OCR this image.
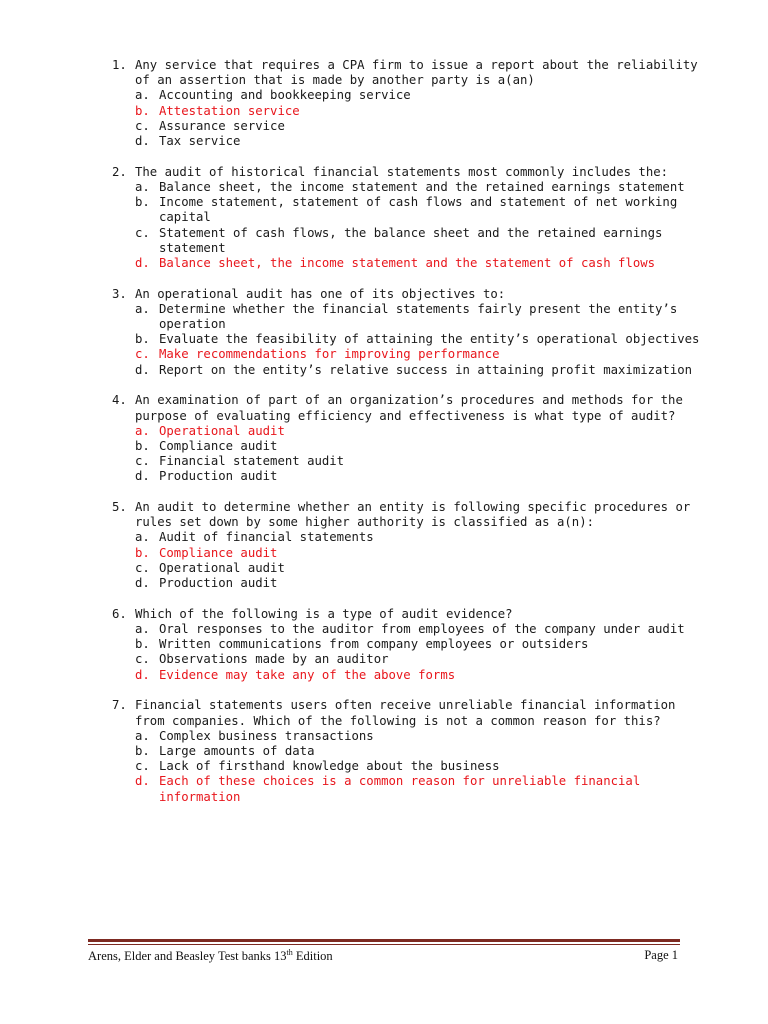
1. Any service that requires a CPA firm to issue a report about the reliability of an assertion that is made by another party is a(an)
a. Accounting and bookkeeping service
b. Attestation service
c. Assurance service
d. Tax service
2. The audit of historical financial statements most commonly includes the:
a. Balance sheet, the income statement and the retained earnings statement
b. Income statement, statement of cash flows and statement of net working capital
c. Statement of cash flows, the balance sheet and the retained earnings statement
d. Balance sheet, the income statement and the statement of cash flows
3. An operational audit has one of its objectives to:
a. Determine whether the financial statements fairly present the entity’s operation
b. Evaluate the feasibility of attaining the entity’s operational objectives
c. Make recommendations for improving performance
d. Report on the entity’s relative success in attaining profit maximization
4. An examination of part of an organization’s procedures and methods for the purpose of evaluating efficiency and effectiveness is what type of audit?
a. Operational audit
b. Compliance audit
c. Financial statement audit
d. Production audit
5. An audit to determine whether an entity is following specific procedures or rules set down by some higher authority is classified as a(n):
a. Audit of financial statements
b. Compliance audit
c. Operational audit
d. Production audit
6. Which of the following is a type of audit evidence?
a. Oral responses to the auditor from employees of the company under audit
b. Written communications from company employees or outsiders
c. Observations made by an auditor
d. Evidence may take any of the above forms
7. Financial statements users often receive unreliable financial information from companies. Which of the following is not a common reason for this?
a. Complex business transactions
b. Large amounts of data
c. Lack of firsthand knowledge about the business
d. Each of these choices is a common reason for unreliable financial information
Arens, Elder and Beasley Test banks 13th Edition	Page 1
